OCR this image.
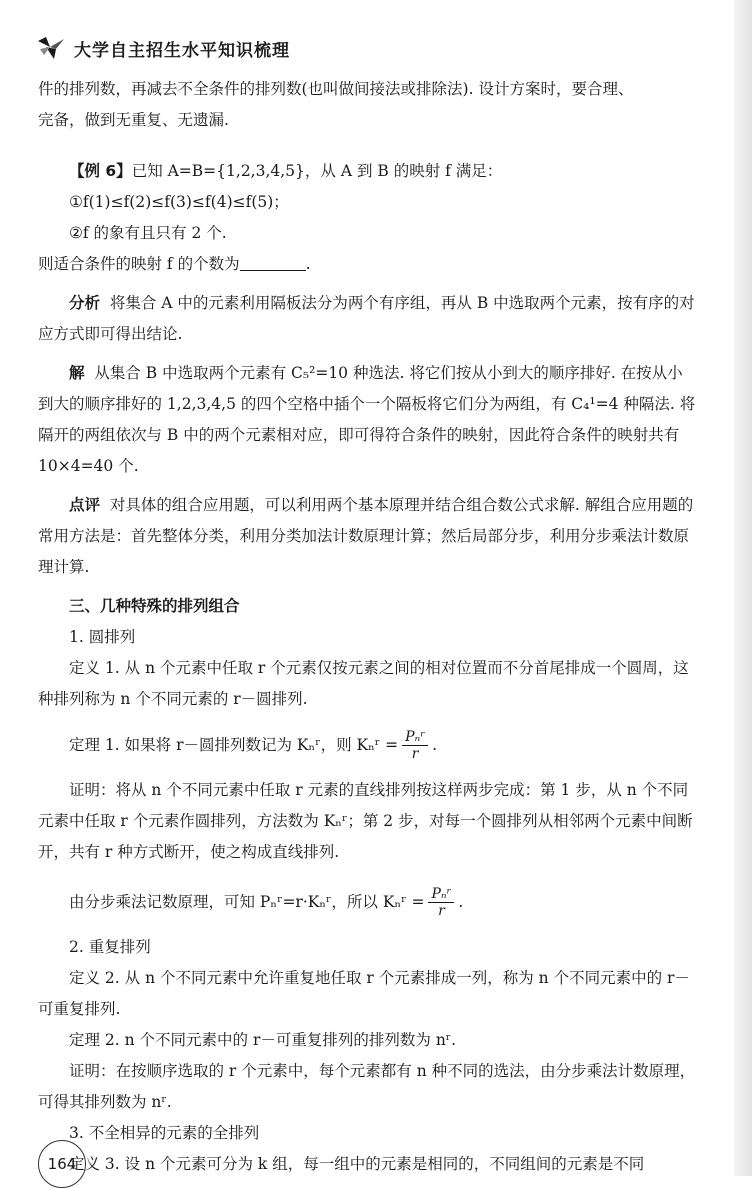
大学自主招生水平知识梳理

件的排列数，再减去不全条件的排列数(也叫做间接法或排除法). 设计方案时，要合理、

完备，做到无重复、无遗漏.

【例 6】已知 A=B={1,2,3,4,5}，从 A 到 B 的映射 f 满足：

①f(1)≤f(2)≤f(3)≤f(4)≤f(5)；

②f 的象有且只有 2 个.

则适合条件的映射 f 的个数为	.

分析 将集合 A 中的元素利用隔板法分为两个有序组，再从 B 中选取两个元素，按有序的对应方式即可得出结论.

解 从集合 B 中选取两个元素有 C₅²=10 种选法. 将它们按从小到大的顺序排好. 在按从小到大的顺序排好的 1,2,3,4,5 的四个空格中插个一个隔板将它们分为两组，有 C₄¹=4 种隔法. 将隔开的两组依次与 B 中的两个元素相对应，即可得符合条件的映射，因此符合条件的映射共有 10×4=40 个.

点评 对具体的组合应用题，可以利用两个基本原理并结合组合数公式求解. 解组合应用题的常用方法是：首先整体分类，利用分类加法计数原理计算；然后局部分步，利用分步乘法计数原理计算.

三、几种特殊的排列组合

1. 圆排列

定义 1. 从 n 个元素中任取 r 个元素仅按元素之间的相对位置而不分首尾排成一个圆周，这种排列称为 n 个不同元素的 r－圆排列.

定理 1. 如果将 r－圆排列数记为 Kₙʳ，则 Kₙʳ = $\frac{\text{Pₙʳ}}{r}$ .

证明：将从 n 个不同元素中任取 r 元素的直线排列按这样两步完成：第 1 步，从 n 个不同元素中任取 r 个元素作圆排列，方法数为 Kₙʳ；第 2 步，对每一个圆排列从相邻两个元素中间断开，共有 r 种方式断开，使之构成直线排列.

由分步乘法记数原理，可知 Pₙʳ=r·Kₙʳ，所以 Kₙʳ = $\frac{\text{Pₙʳ}}{r}$ .

2. 重复排列

定义 2. 从 n 个不同元素中允许重复地任取 r 个元素排成一列，称为 n 个不同元素中的 r－可重复排列.

定理 2. n 个不同元素中的 r－可重复排列的排列数为 nʳ.

证明：在按顺序选取的 r 个元素中，每个元素都有 n 种不同的选法，由分步乘法计数原理，可得其排列数为 nʳ.

3. 不全相异的元素的全排列

定义 3. 设 n 个元素可分为 k 组，每一组中的元素是相同的，不同组间的元素是不同

164
